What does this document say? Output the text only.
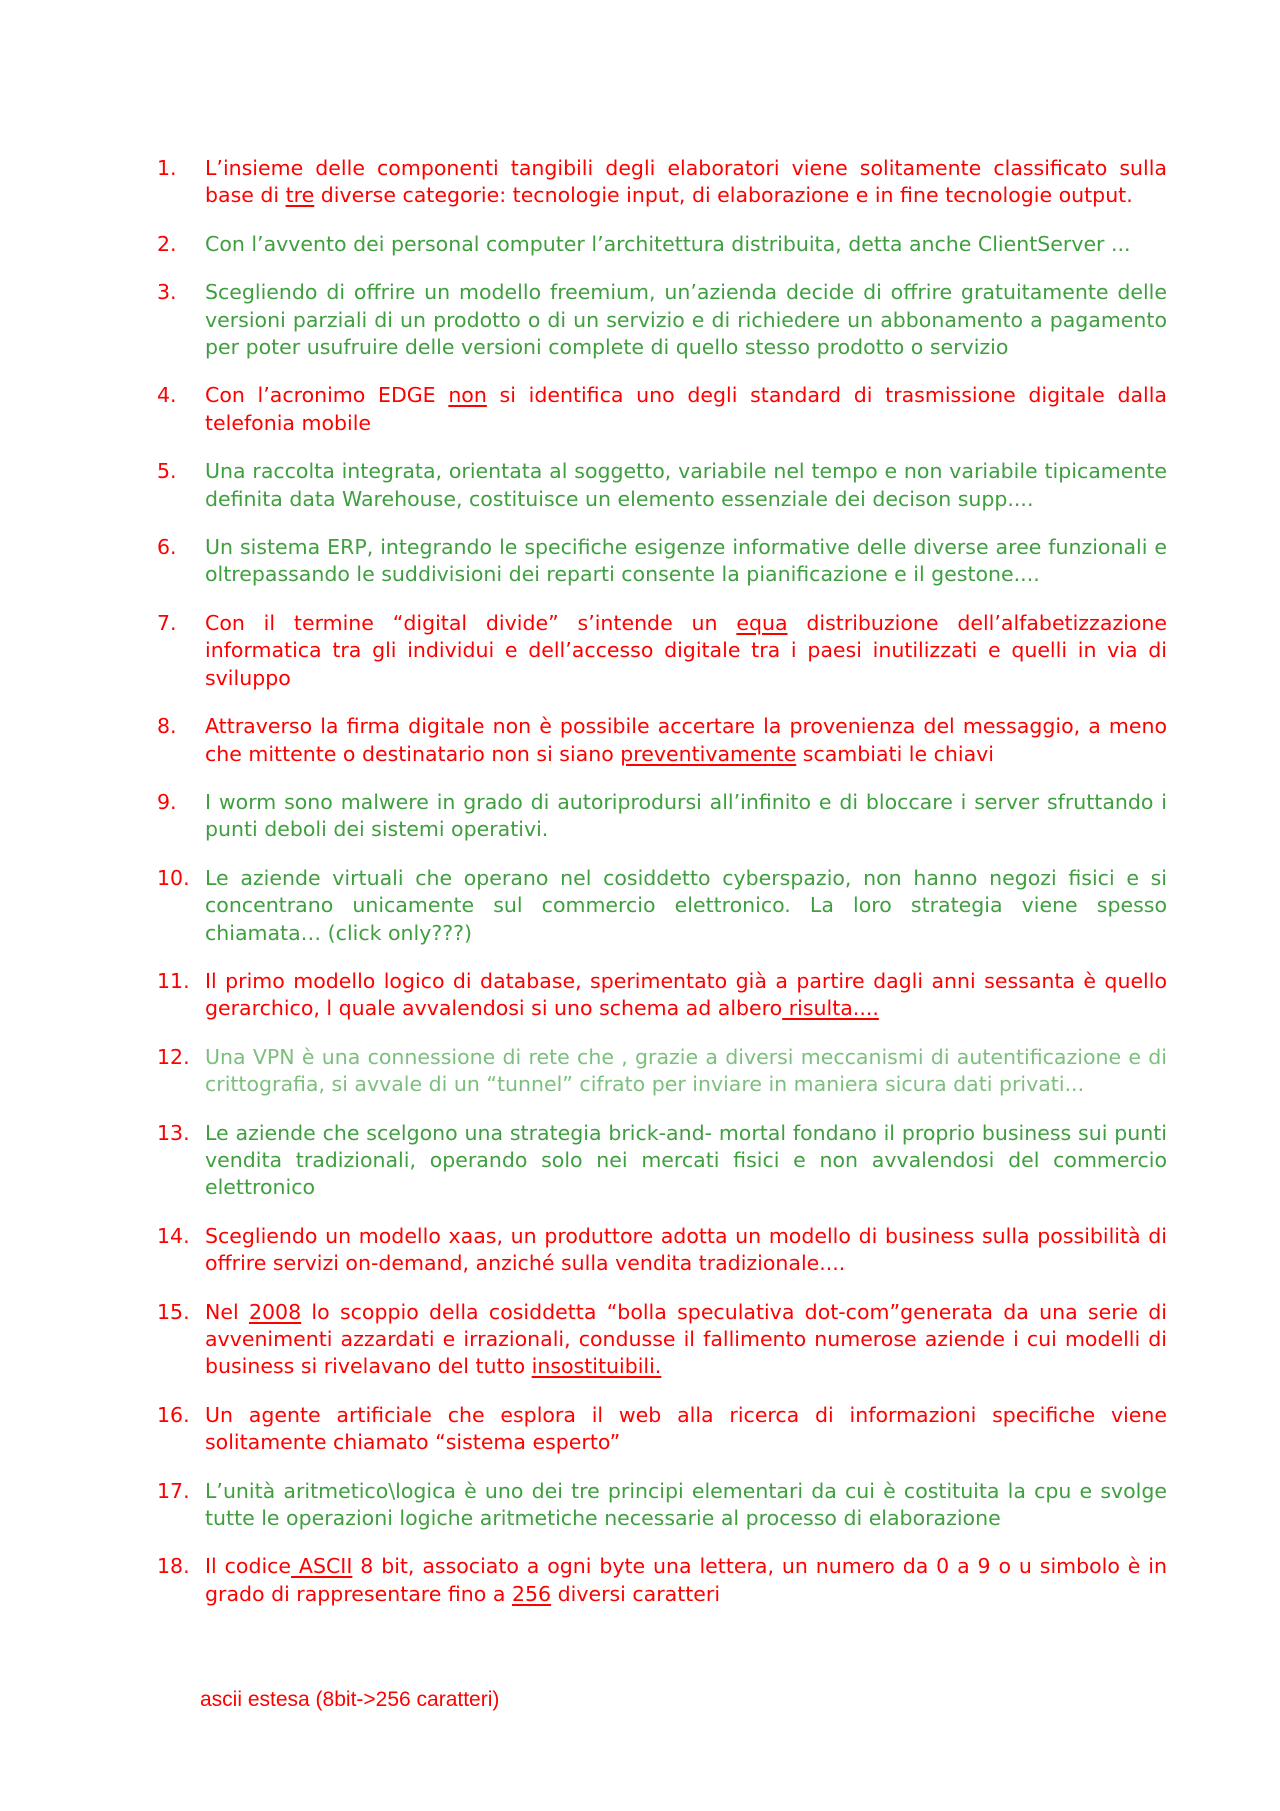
1.	L’insieme delle componenti tangibili degli elaboratori viene solitamente classificato sulla base di tre diverse categorie: tecnologie input, di elaborazione e in fine tecnologie output.
2.	Con l’avvento dei personal computer l’architettura distribuita, detta anche ClientServer ...
3.	Scegliendo di offrire un modello freemium, un’azienda decide di offrire gratuitamente delle versioni parziali di un prodotto o di un servizio e di richiedere un abbonamento a pagamento per poter usufruire delle versioni complete di quello stesso prodotto o servizio
4.	Con l’acronimo EDGE non si identifica uno degli standard di trasmissione digitale dalla telefonia mobile
5.	Una raccolta integrata, orientata al soggetto, variabile nel tempo e non variabile tipicamente definita data Warehouse, costituisce un elemento essenziale dei decison supp....
6.	Un sistema ERP, integrando le specifiche esigenze informative delle diverse aree funzionali e oltrepassando le suddivisioni dei reparti consente la pianificazione e il gestone....
7.	Con il termine “digital divide” s’intende un equa distribuzione dell’alfabetizzazione informatica tra gli individui e dell’accesso digitale tra i paesi inutilizzati e quelli in via di sviluppo
8.	Attraverso la firma digitale non è possibile accertare la provenienza del messaggio, a meno che mittente o destinatario non si siano preventivamente scambiati le chiavi
9.	I worm sono malwere in grado di autoriprodursi all’infinito e di bloccare i server sfruttando i punti deboli dei sistemi operativi.
10. Le aziende virtuali che operano nel cosiddetto cyberspazio, non hanno negozi fisici e si concentrano unicamente sul commercio elettronico. La loro strategia viene spesso chiamata… (click only???)
11. Il primo modello logico di database, sperimentato già a partire dagli anni sessanta è quello gerarchico, l quale avvalendosi si uno schema ad albero risulta....
12. Una VPN è una connessione di rete che , grazie a diversi meccanismi di autentificazione e di crittografia, si avvale di un “tunnel” cifrato per inviare in maniera sicura dati privati...
13. Le aziende che scelgono una strategia brick-and- mortal fondano il proprio business sui punti vendita tradizionali, operando solo nei mercati fisici e non avvalendosi del commercio elettronico
14. Scegliendo un modello xaas, un produttore adotta un modello di business sulla possibilità di offrire servizi on-demand, anziché sulla vendita tradizionale....
15. Nel 2008 lo scoppio della cosiddetta “bolla speculativa dot-com”generata da una serie di avvenimenti azzardati e irrazionali, condusse il fallimento numerose aziende i cui modelli di business si rivelavano del tutto insostituibili.
16. Un agente artificiale che esplora il web alla ricerca di informazioni specifiche viene solitamente chiamato “sistema esperto”
17. L’unità aritmetico\logica è uno dei tre principi elementari da cui è costituita la cpu e svolge tutte le operazioni logiche aritmetiche necessarie al processo di elaborazione
18. Il codice ASCII 8 bit, associato a ogni byte una lettera, un numero da 0 a 9 o u simbolo è in grado di rappresentare fino a 256 diversi caratteri
ascii estesa (8bit->256 caratteri)
